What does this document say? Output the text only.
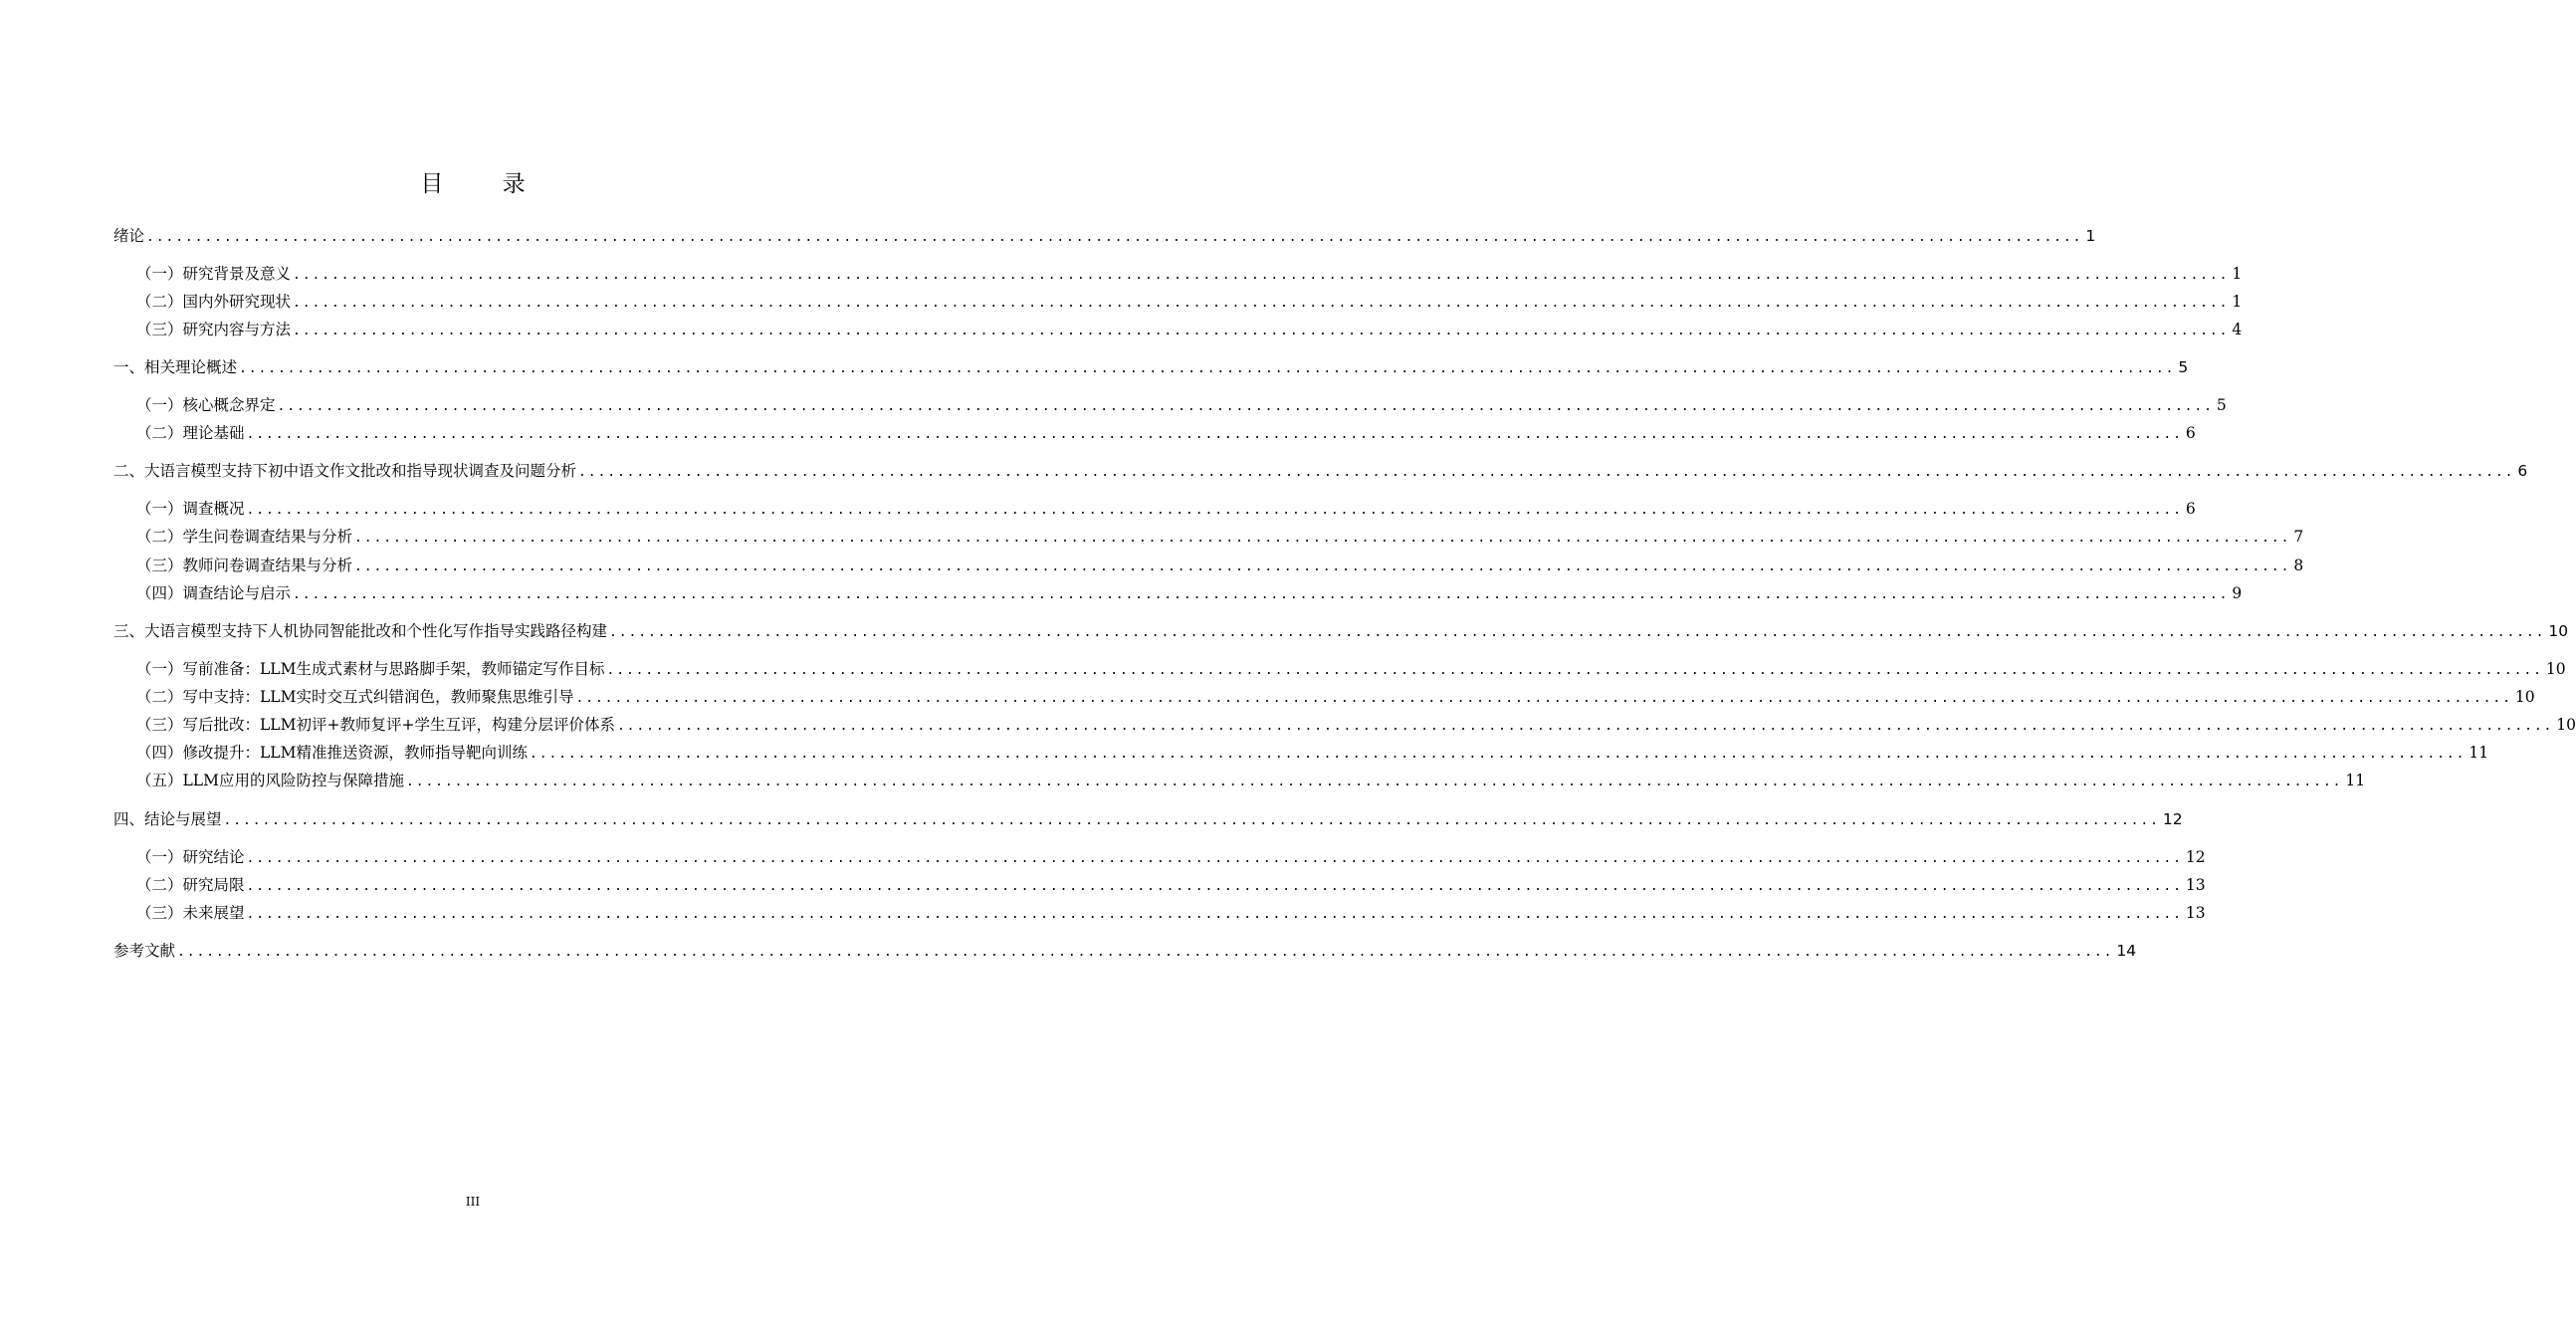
目 录
绪论 ........................................................................................................................................................................................................ 1
（一） 研究背景及意义 ........................................................................................................................................................................................................ 1
（二） 国内外研究现状 ........................................................................................................................................................................................................ 1
（三） 研究内容与方法 ........................................................................................................................................................................................................ 4
一、 相关理论概述 ........................................................................................................................................................................................................ 5
（一） 核心概念界定 ........................................................................................................................................................................................................ 5
（二） 理论基础 ........................................................................................................................................................................................................ 6
二、 大语言模型支持下初中语文作文批改和指导现状调查及问题分析 ........................................................................................................................................................................................................ 6
（一） 调查概况 ........................................................................................................................................................................................................ 6
（二） 学生问卷调查结果与分析 ........................................................................................................................................................................................................ 7
（三） 教师问卷调查结果与分析 ........................................................................................................................................................................................................ 8
（四） 调查结论与启示 ........................................................................................................................................................................................................ 9
三、 大语言模型支持下人机协同智能批改和个性化写作指导实践路径构建 ........................................................................................................................................................................................................ 10
（一） 写前准备：LLM生成式素材与思路脚手架，教师锚定写作目标 ........................................................................................................................................................................................................ 10
（二） 写中支持：LLM实时交互式纠错润色，教师聚焦思维引导 ........................................................................................................................................................................................................ 10
（三） 写后批改：LLM初评+教师复评+学生互评，构建分层评价体系 ........................................................................................................................................................................................................ 10
（四） 修改提升：LLM精准推送资源，教师指导靶向训练 ........................................................................................................................................................................................................ 11
（五） LLM应用的风险防控与保障措施 ........................................................................................................................................................................................................ 11
四、 结论与展望 ........................................................................................................................................................................................................ 12
（一） 研究结论 ........................................................................................................................................................................................................ 12
（二） 研究局限 ........................................................................................................................................................................................................ 13
（三） 未来展望 ........................................................................................................................................................................................................ 13
参考文献 ........................................................................................................................................................................................................ 14
III
